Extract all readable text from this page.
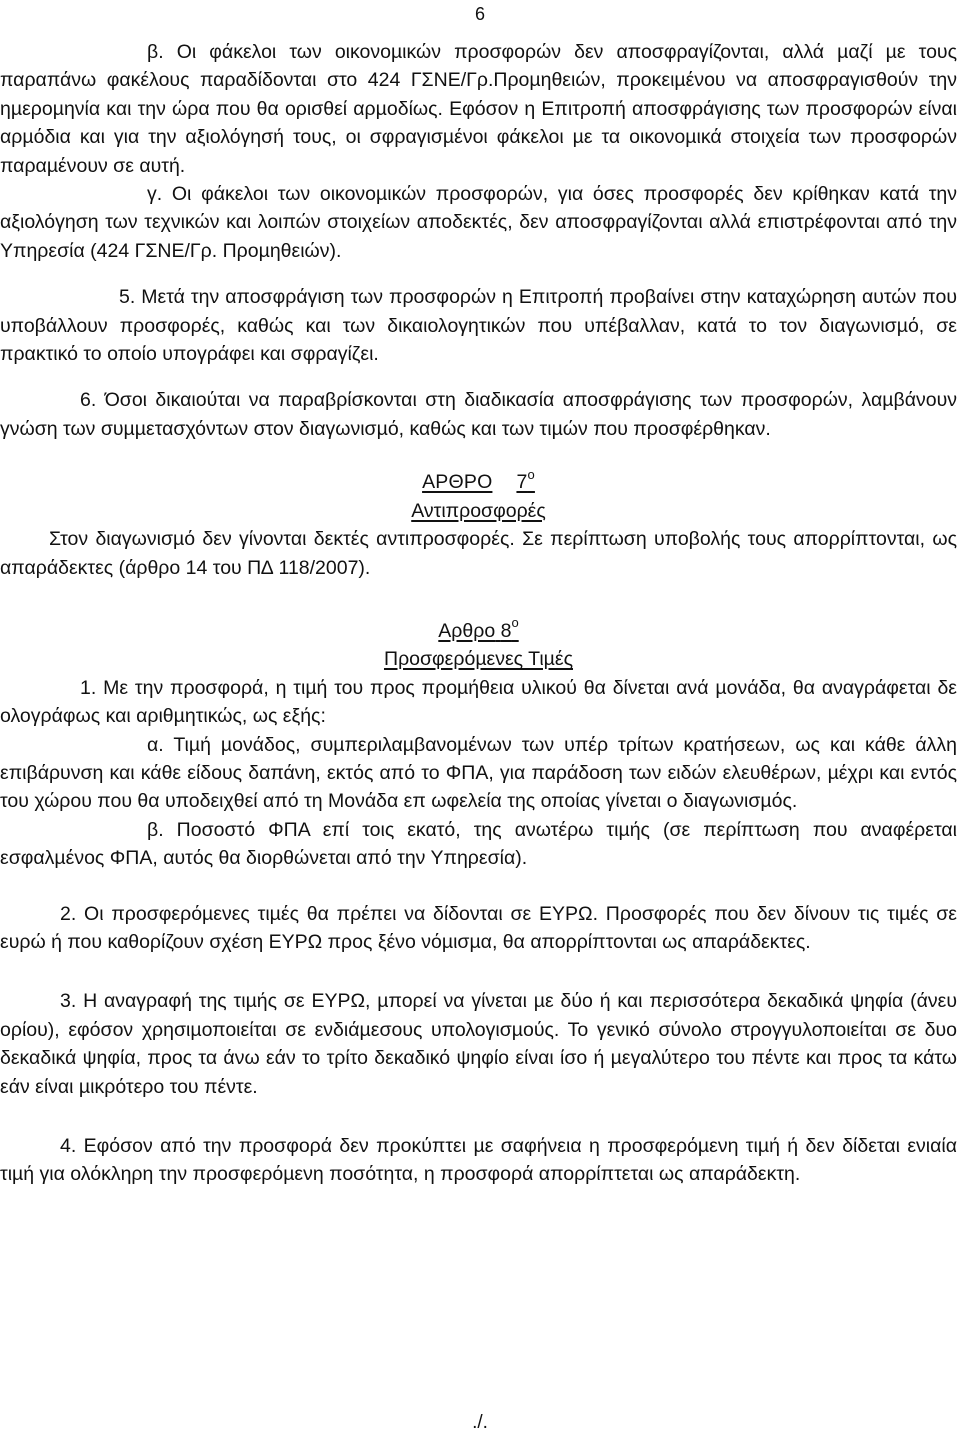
6

β. Οι φάκελοι των οικονοµικών προσφορών δεν αποσφραγίζονται, αλλά µαζί µε τους παραπάνω φακέλους παραδίδονται στο 424 ΓΣΝΕ/Γρ.Προµηθειών, προκειµένου να αποσφραγισθούν την ηµεροµηνία και την ώρα που θα ορισθεί αρµοδίως. Εφόσον η Επιτροπή αποσφράγισης των προσφορών είναι αρµόδια και για την αξιολόγησή τους, οι σφραγισµένοι φάκελοι µε τα οικονοµικά στοιχεία των προσφορών παραµένουν σε αυτή.

γ. Οι φάκελοι των οικονοµικών προσφορών, για όσες προσφορές δεν κρίθηκαν κατά την αξιολόγηση των τεχνικών και λοιπών στοιχείων αποδεκτές, δεν αποσφραγίζονται αλλά επιστρέφονται από την Υπηρεσία (424 ΓΣΝΕ/Γρ. Προµηθειών).

5. Μετά την αποσφράγιση των προσφορών η Επιτροπή προβαίνει στην καταχώρηση αυτών που υποβάλλουν προσφορές, καθώς και των δικαιολογητικών που υπέβαλλαν, κατά το τον διαγωνισµό, σε πρακτικό το οποίο υπογράφει και σφραγίζει.

6. Όσοι δικαιούται να παραβρίσκονται στη διαδικασία αποσφράγισης των προσφορών, λαµβάνουν γνώση των συµµετασχόντων στον διαγωνισµό, καθώς και των τιµών που προσφέρθηκαν.

ΑΡΘΡΟ $7^o$
Αντιπροσφορές

Στον διαγωνισµό δεν γίνονται δεκτές αντιπροσφορές. Σε περίπτωση υποβολής τους απορρίπτονται, ως απαράδεκτες (άρθρο 14 του Π∆ 118/2007).

Αρθρο $8^o$
Προσφερόµενες Τιµές

1. Με την προσφορά, η τιµή του προς προµήθεια υλικού θα δίνεται ανά µονάδα, θα αναγράφεται δε ολογράφως και αριθµητικώς, ως εξής:

α. Τιµή µονάδος, συµπεριλαµβανοµένων των υπέρ τρίτων κρατήσεων, ως και κάθε άλλη επιβάρυνση και κάθε είδους δαπάνη, εκτός από το ΦΠΑ, για παράδοση των ειδών ελευθέρων, µέχρι και εντός του χώρου που θα υποδειχθεί από τη Μονάδα επ ωφελεία της οποίας γίνεται ο διαγωνισµός.

β. Ποσοστό ΦΠΑ επί τοις εκατό, της ανωτέρω τιµής (σε περίπτωση που αναφέρεται εσφαλµένος ΦΠΑ, αυτός θα διορθώνεται από την Υπηρεσία).

2. Οι προσφερόµενες τιµές θα πρέπει να δίδονται σε ΕΥΡΩ. Προσφορές που δεν δίνουν τις τιµές σε ευρώ ή που καθορίζουν σχέση ΕΥΡΩ προς ξένο νόµισµα, θα απορρίπτονται ως απαράδεκτες.

3. Η αναγραφή της τιµής σε ΕΥΡΩ, µπορεί να γίνεται µε δύο ή και περισσότερα δεκαδικά ψηφία (άνευ ορίου), εφόσον χρησιµοποιείται σε ενδιάµεσους υπολογισµούς. Το γενικό σύνολο στρογγυλοποιείται σε δυο δεκαδικά ψηφία, προς τα άνω εάν το τρίτο δεκαδικό ψηφίο είναι ίσο ή µεγαλύτερο του πέντε και προς τα κάτω εάν είναι µικρότερο του πέντε.

4. Εφόσον από την προσφορά δεν προκύπτει µε σαφήνεια η προσφερόµενη τιµή ή δεν δίδεται ενιαία τιµή για ολόκληρη την προσφερόµενη ποσότητα, η προσφορά απορρίπτεται ως απαράδεκτη.

./.
